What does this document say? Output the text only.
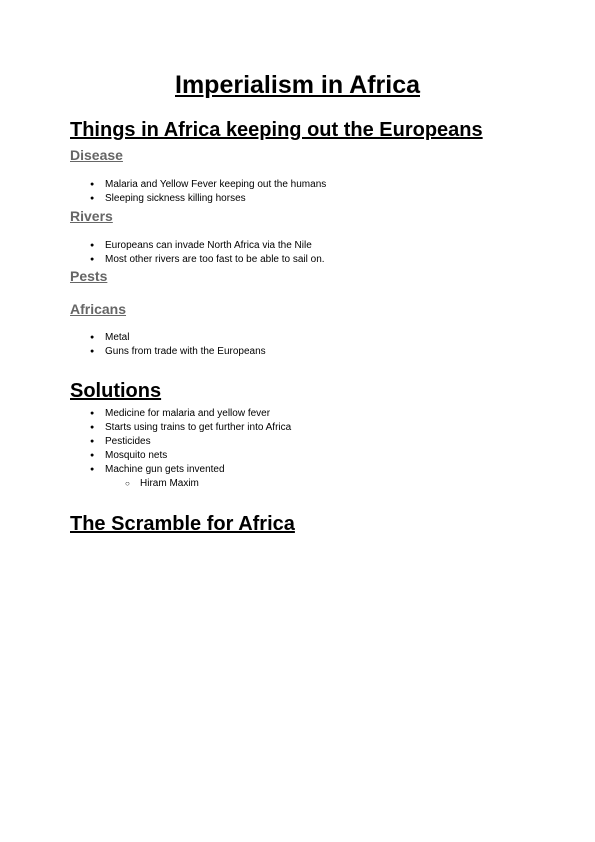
Imperialism in Africa
Things in Africa keeping out the Europeans
Disease
● Malaria and Yellow Fever keeping out the humans
● Sleeping sickness killing horses
Rivers
● Europeans can invade North Africa via the Nile
● Most other rivers are too fast to be able to sail on.
Pests
Africans
● Metal
● Guns from trade with the Europeans
Solutions
● Medicine for malaria and yellow fever
● Starts using trains to get further into Africa
● Pesticides
● Mosquito nets
● Machine gun gets invented
○ Hiram Maxim
The Scramble for Africa
